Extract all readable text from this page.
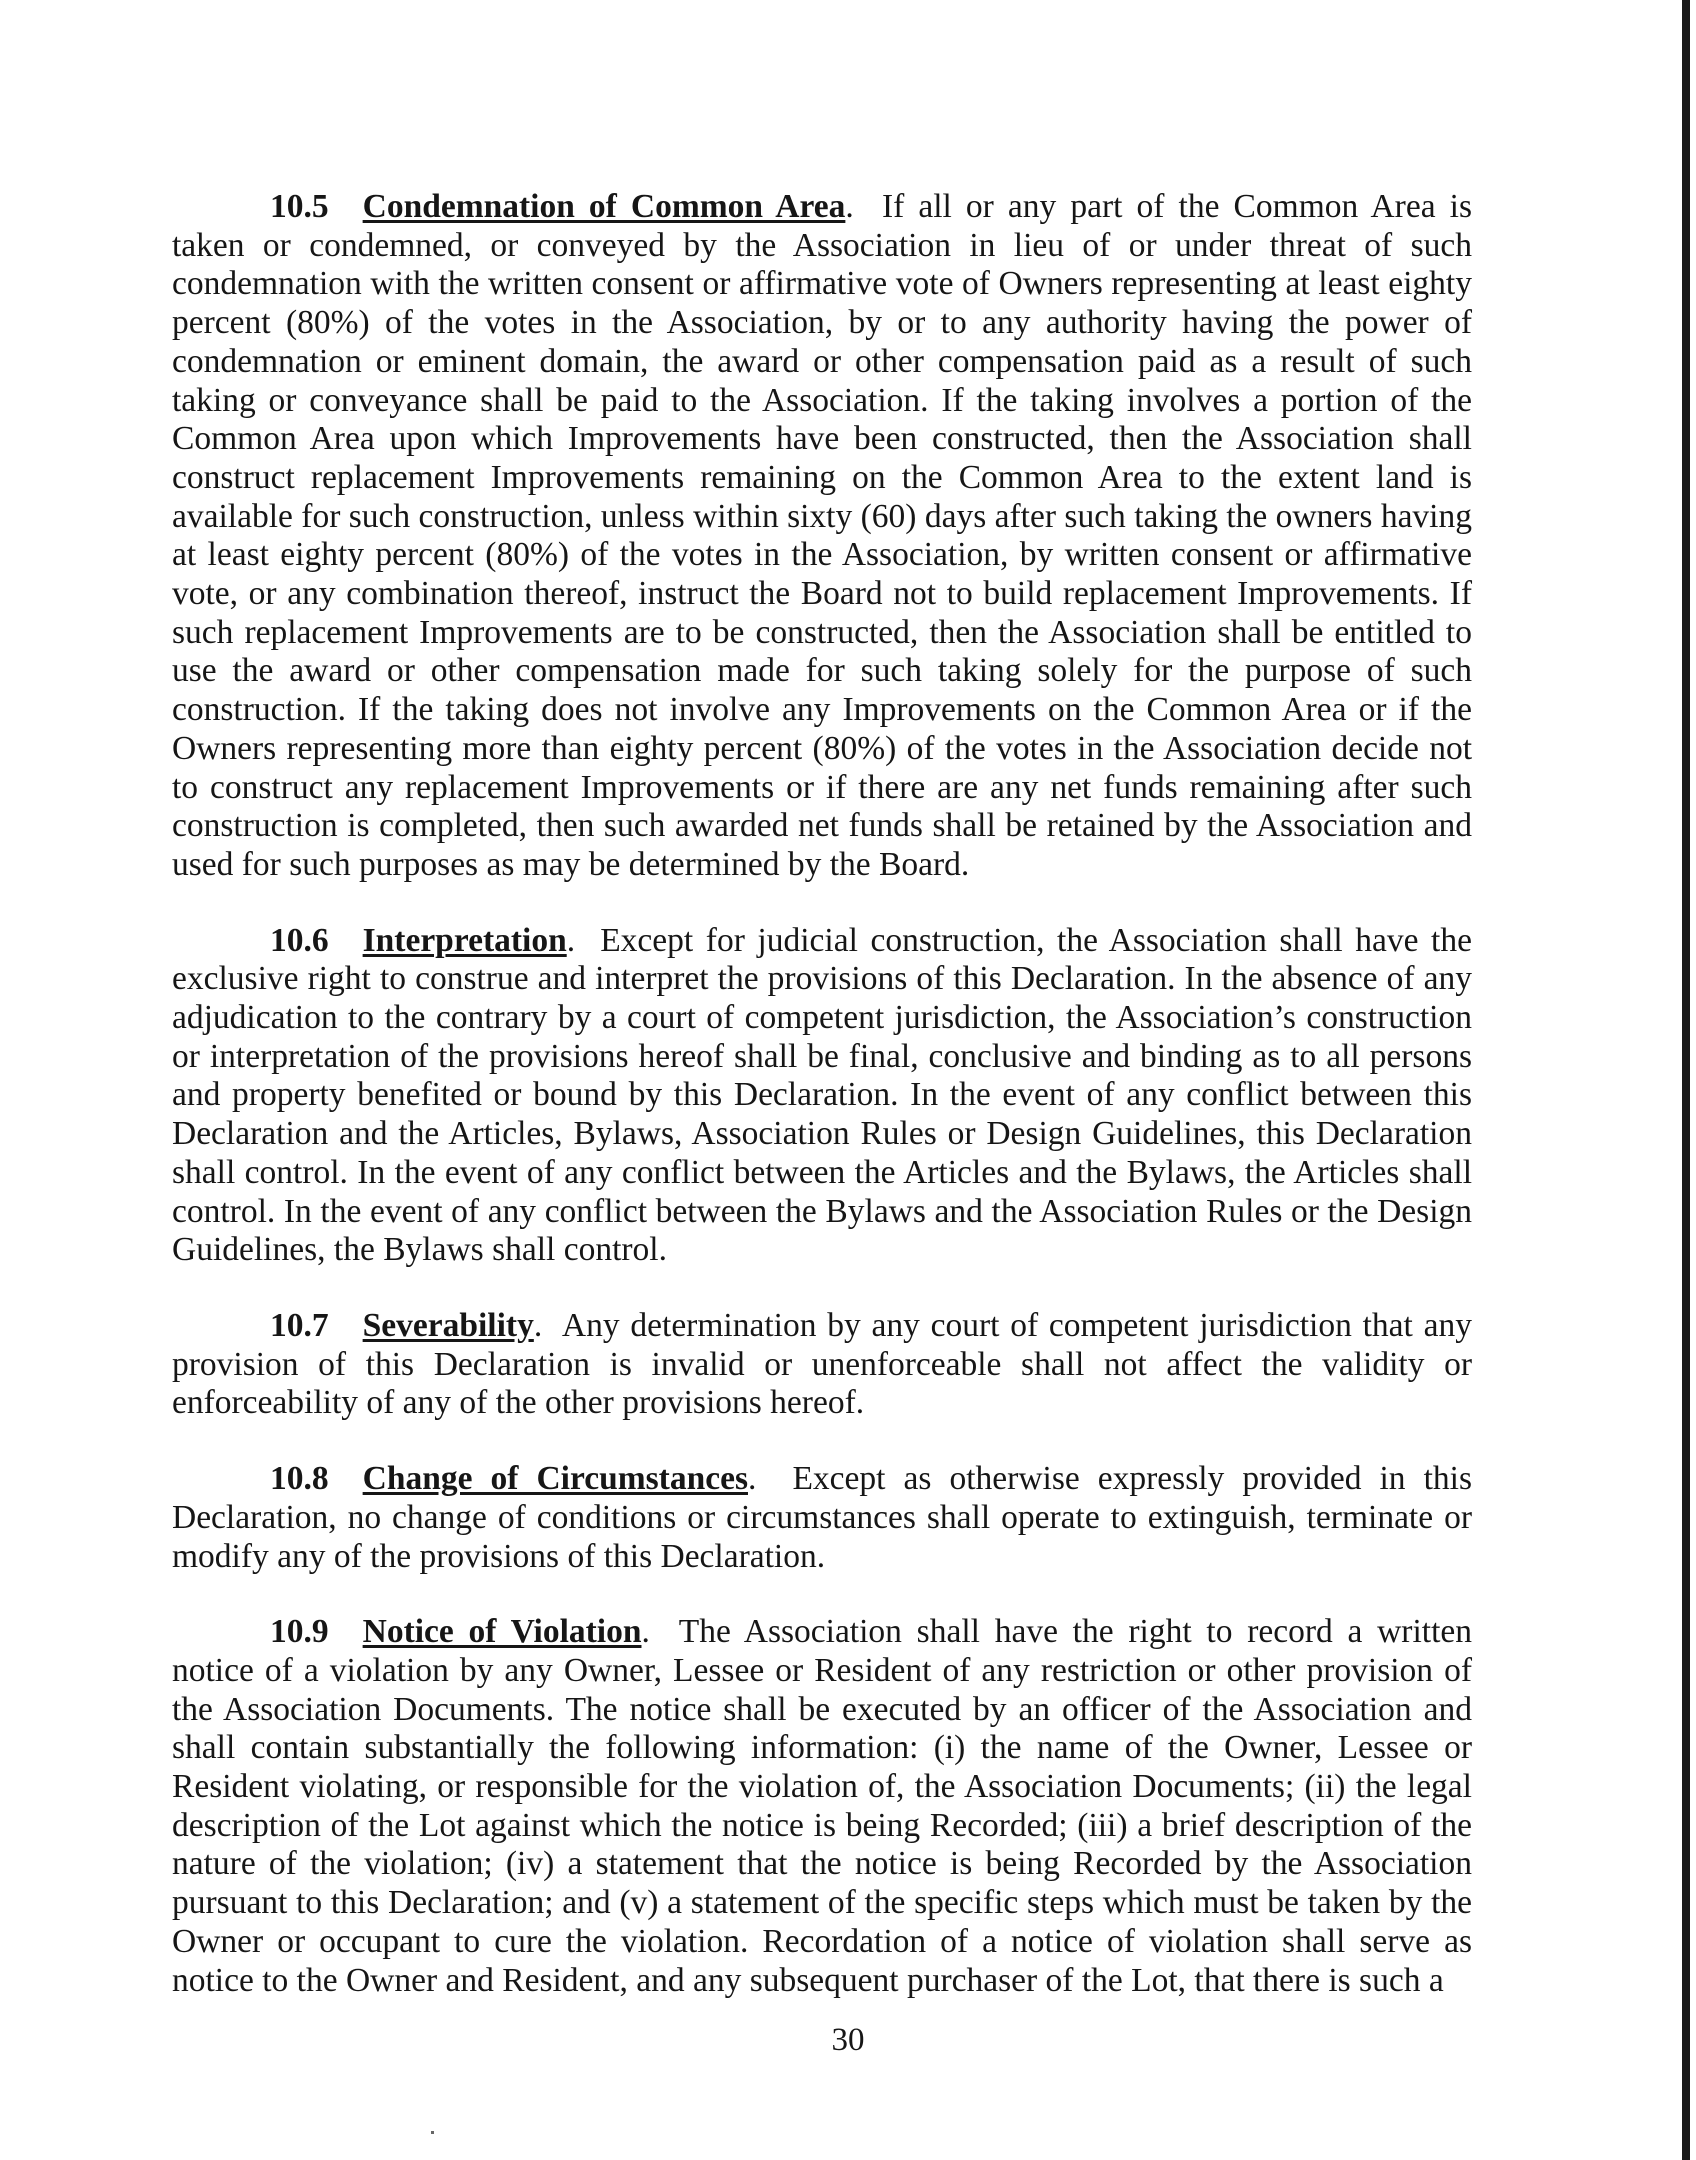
10.5 Condemnation of Common Area. If all or any part of the Common Area is taken or condemned, or conveyed by the Association in lieu of or under threat of such condemnation with the written consent or affirmative vote of Owners representing at least eighty percent (80%) of the votes in the Association, by or to any authority having the power of condemnation or eminent domain, the award or other compensation paid as a result of such taking or conveyance shall be paid to the Association. If the taking involves a portion of the Common Area upon which Improvements have been constructed, then the Association shall construct replacement Improvements remaining on the Common Area to the extent land is available for such construction, unless within sixty (60) days after such taking the owners having at least eighty percent (80%) of the votes in the Association, by written consent or affirmative vote, or any combination thereof, instruct the Board not to build replacement Improvements. If such replacement Improvements are to be constructed, then the Association shall be entitled to use the award or other compensation made for such taking solely for the purpose of such construction. If the taking does not involve any Improvements on the Common Area or if the Owners representing more than eighty percent (80%) of the votes in the Association decide not to construct any replacement Improvements or if there are any net funds remaining after such construction is completed, then such awarded net funds shall be retained by the Association and used for such purposes as may be determined by the Board.

10.6 Interpretation. Except for judicial construction, the Association shall have the exclusive right to construe and interpret the provisions of this Declaration. In the absence of any adjudication to the contrary by a court of competent jurisdiction, the Association’s construction or interpretation of the provisions hereof shall be final, conclusive and binding as to all persons and property benefited or bound by this Declaration. In the event of any conflict between this Declaration and the Articles, Bylaws, Association Rules or Design Guidelines, this Declaration shall control. In the event of any conflict between the Articles and the Bylaws, the Articles shall control. In the event of any conflict between the Bylaws and the Association Rules or the Design Guidelines, the Bylaws shall control.

10.7 Severability. Any determination by any court of competent jurisdiction that any provision of this Declaration is invalid or unenforceable shall not affect the validity or enforceability of any of the other provisions hereof.

10.8 Change of Circumstances. Except as otherwise expressly provided in this Declaration, no change of conditions or circumstances shall operate to extinguish, terminate or modify any of the provisions of this Declaration.

10.9 Notice of Violation. The Association shall have the right to record a written notice of a violation by any Owner, Lessee or Resident of any restriction or other provision of the Association Documents. The notice shall be executed by an officer of the Association and shall contain substantially the following information: (i) the name of the Owner, Lessee or Resident violating, or responsible for the violation of, the Association Documents; (ii) the legal description of the Lot against which the notice is being Recorded; (iii) a brief description of the nature of the violation; (iv) a statement that the notice is being Recorded by the Association pursuant to this Declaration; and (v) a statement of the specific steps which must be taken by the Owner or occupant to cure the violation. Recordation of a notice of violation shall serve as notice to the Owner and Resident, and any subsequent purchaser of the Lot, that there is such a

30
